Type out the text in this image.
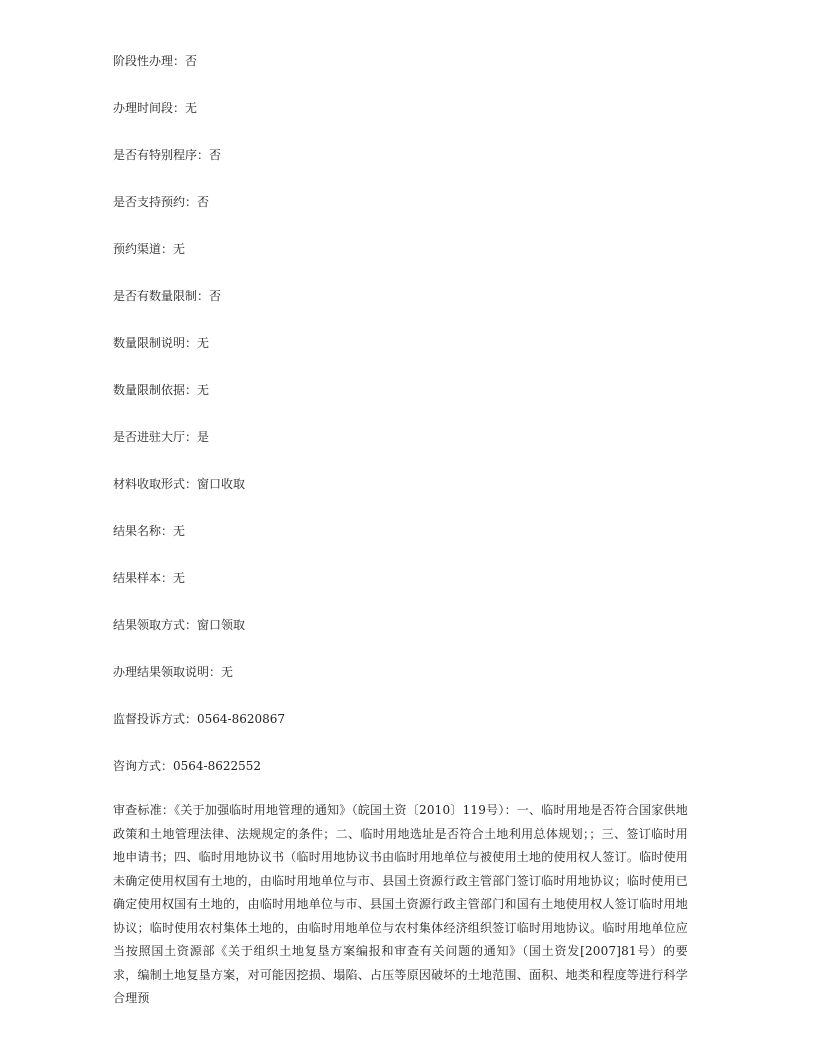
阶段性办理：否
办理时间段：无
是否有特别程序：否
是否支持预约：否
预约渠道：无
是否有数量限制：否
数量限制说明：无
数量限制依据：无
是否进驻大厅：是
材料收取形式：窗口收取
结果名称：无
结果样本：无
结果领取方式：窗口领取
办理结果领取说明：无
监督投诉方式：0564-8620867
咨询方式：0564-8622552
审查标准：《关于加强临时用地管理的通知》（皖国土资〔2010〕119号）：一、临时用地是否符合国家供地政策和土地管理法律、法规规定的条件；二、临时用地选址是否符合土地利用总体规划；；三、签订临时用地申请书；四、临时用地协议书（临时用地协议书由临时用地单位与被使用土地的使用权人签订。临时使用未确定使用权国有土地的，由临时用地单位与市、县国土资源行政主管部门签订临时用地协议；临时使用已确定使用权国有土地的，由临时用地单位与市、县国土资源行政主管部门和国有土地使用权人签订临时用地协议；临时使用农村集体土地的，由临时用地单位与农村集体经济组织签订临时用地协议。临时用地单位应当按照国土资源部《关于组织土地复垦方案编报和审查有关问题的通知》（国土资发[2007]81号）的要求，编制土地复垦方案，对可能因挖损、塌陷、占压等原因破坏的土地范围、面积、地类和程度等进行科学合理预
